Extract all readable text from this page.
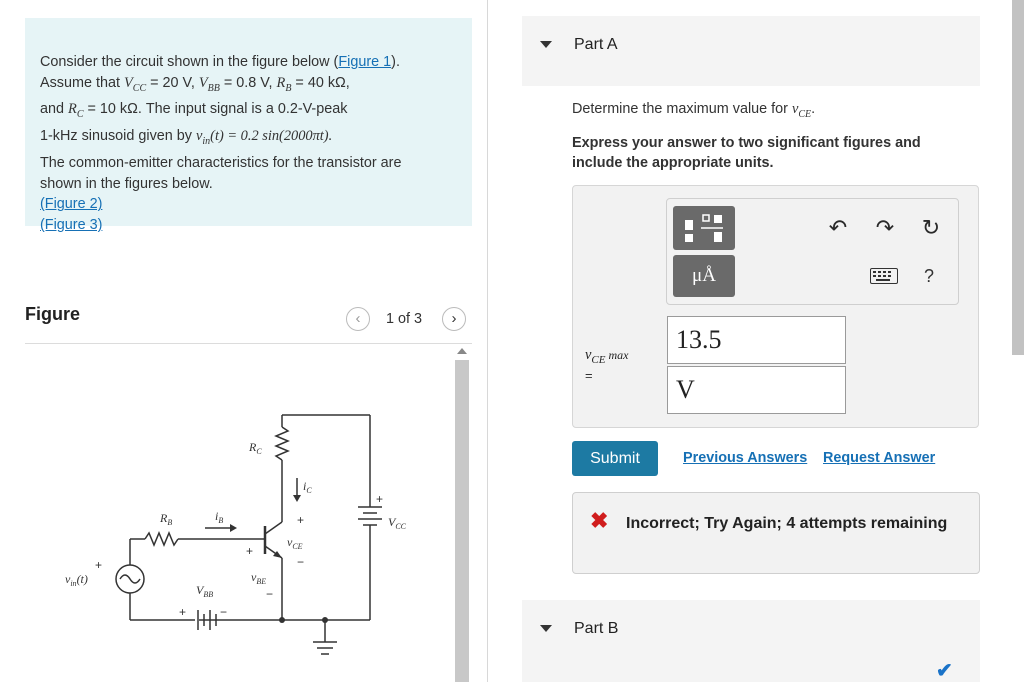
Consider the circuit shown in the figure below (Figure 1).
Assume that $V_{CC} = 20$ V, $V_{BB} = 0.8$ V, $R_B = 40$ kΩ,
and $R_C = 10$ kΩ. The input signal is a 0.2-V-peak
1-kHz sinusoid given by $v_{in}(t) = 0.2$ sin(2000πt).
The common-emitter characteristics for the transistor are
shown in the figures below.
(Figure 2)
(Figure 3)
Figure	‹	1 of 3	›
$R_C$
$R_B$	$i_B$
$i_C$
$v_{CE}$
$v_{BE}$
$V_{BB}$
$V_{CC}$
$v_{in}(t)$
+
+	−
+
+
−
−
+
Part A
Determine the maximum value for $v_{CE}$.
Express your answer to two significant figures and include the appropriate units.
μÅ
↶ ↷ ↻
?
$v_{CE}$ max
=
13.5
V
Submit	Previous Answers Request Answer
✖	Incorrect; Try Again; 4 attempts remaining
Part B
✔
